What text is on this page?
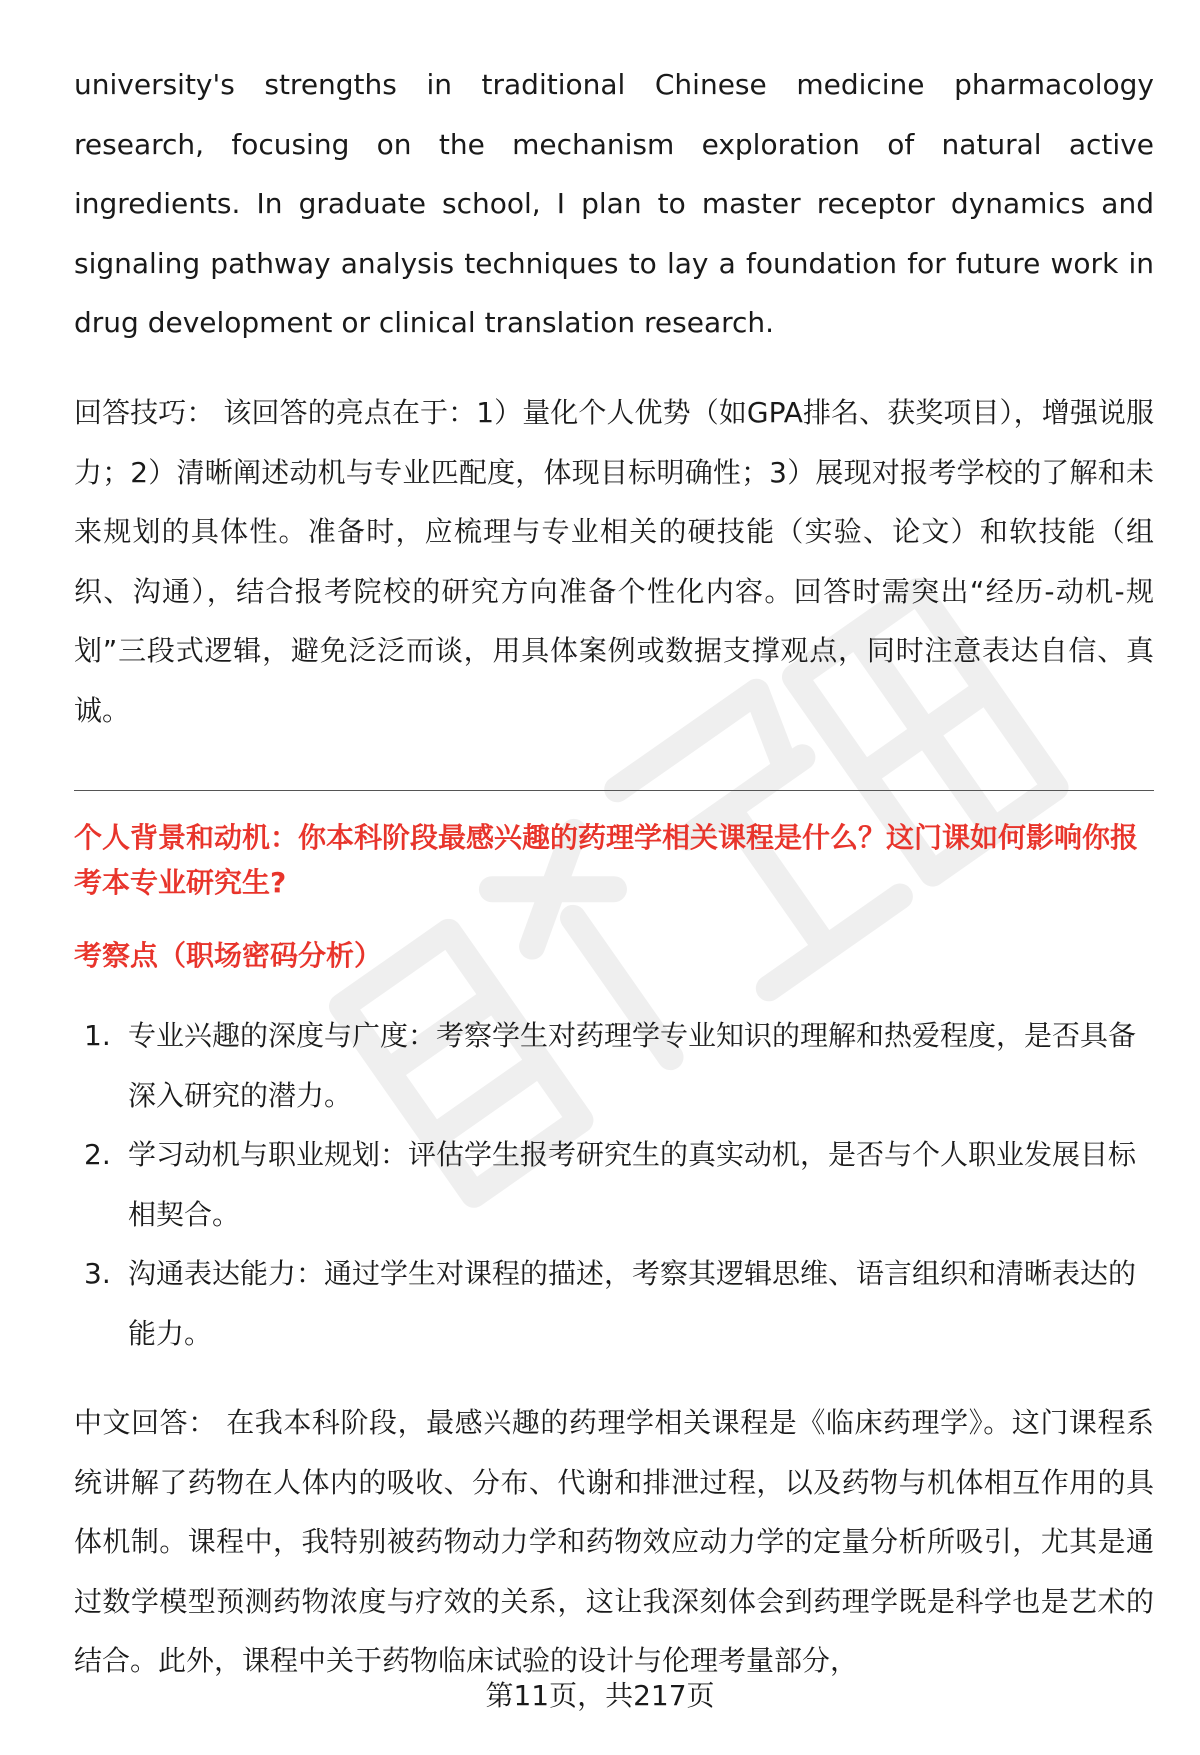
university's strengths in traditional Chinese medicine pharmacology research, focusing on the mechanism exploration of natural active ingredients. In graduate school, I plan to master receptor dynamics and signaling pathway analysis techniques to lay a foundation for future work in drug development or clinical translation research.

回答技巧： 该回答的亮点在于：1）量化个人优势（如GPA排名、获奖项目），增强说服力；2）清晰阐述动机与专业匹配度，体现目标明确性；3）展现对报考学校的了解和未来规划的具体性。准备时，应梳理与专业相关的硬技能（实验、论文）和软技能（组织、沟通），结合报考院校的研究方向准备个性化内容。回答时需突出“经历-动机-规划”三段式逻辑，避免泛泛而谈，用具体案例或数据支撑观点，同时注意表达自信、真诚。

个人背景和动机：你本科阶段最感兴趣的药理学相关课程是什么？这门课如何影响你报考本专业研究生?
考察点（职场密码分析）
1. 专业兴趣的深度与广度：考察学生对药理学专业知识的理解和热爱程度，是否具备深入研究的潜力。
2. 学习动机与职业规划：评估学生报考研究生的真实动机，是否与个人职业发展目标相契合。
3. 沟通表达能力：通过学生对课程的描述，考察其逻辑思维、语言组织和清晰表达的能力。

中文回答： 在我本科阶段，最感兴趣的药理学相关课程是《临床药理学》。这门课程系统讲解了药物在人体内的吸收、分布、代谢和排泄过程，以及药物与机体相互作用的具体机制。课程中，我特别被药物动力学和药物效应动力学的定量分析所吸引，尤其是通过数学模型预测药物浓度与疗效的关系，这让我深刻体会到药理学既是科学也是艺术的结合。此外，课程中关于药物临床试验的设计与伦理考量部分，

第11页，共217页
